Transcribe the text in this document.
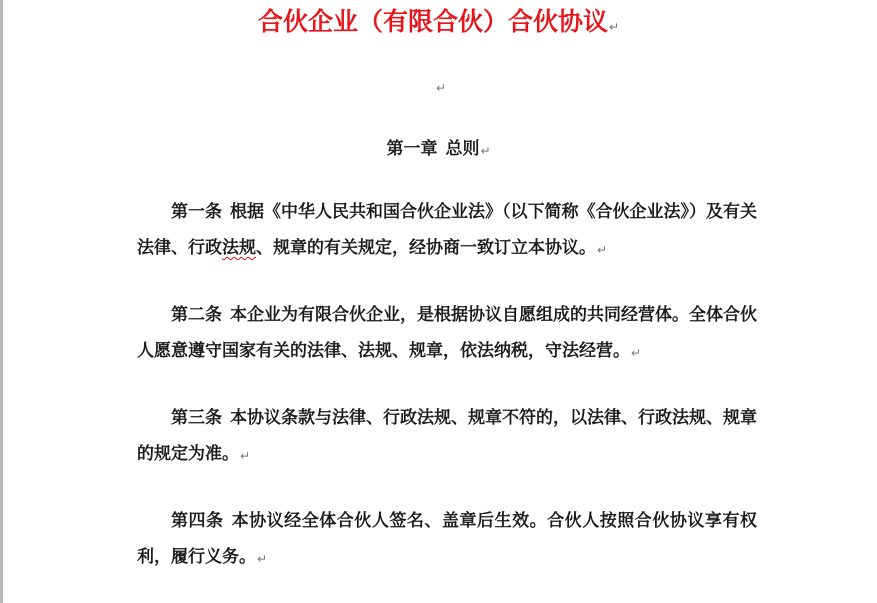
合伙企业（有限合伙）合伙协议↵
↵
第一章 总则↵
第一条 根据《中华人民共和国合伙企业法》（以下简称《合伙企业法》）及有关法律、行政法规、规章的有关规定，经协商一致订立本协议。↵
第二条 本企业为有限合伙企业，是根据协议自愿组成的共同经营体。全体合伙人愿意遵守国家有关的法律、法规、规章，依法纳税，守法经营。↵
第三条 本协议条款与法律、行政法规、规章不符的，以法律、行政法规、规章的规定为准。↵
第四条 本协议经全体合伙人签名、盖章后生效。合伙人按照合伙协议享有权利，履行义务。↵
